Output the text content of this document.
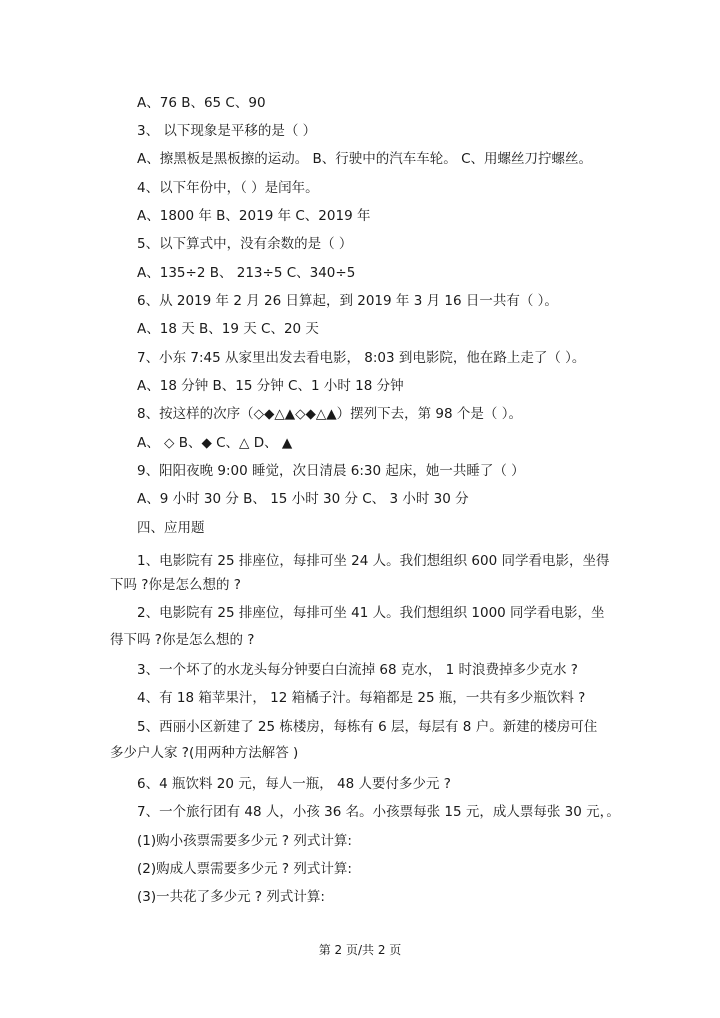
A、76 B、65 C、90

3、 以下现象是平移的是（ ）

A、擦黑板是黑板擦的运动。 B、行驶中的汽车车轮。 C、用螺丝刀拧螺丝。

4、以下年份中，（ ）是闰年。

A、1800 年 B、2019 年 C、2019 年

5、以下算式中，没有余数的是（ ）

A、135÷2 B、 213÷5 C、340÷5

6、从 2019 年 2 月 26 日算起，到 2019 年 3 月 16 日一共有（ ）。

A、18 天 B、19 天 C、20 天

7、小东 7:45 从家里出发去看电影， 8:03 到电影院，他在路上走了（ ）。

A、18 分钟 B、15 分钟 C、1 小时 18 分钟

8、按这样的次序（◇◆△▲◇◆△▲）摆列下去，第 98 个是（ ）。

A、 ◇ B、◆ C、△ D、 ▲

9、阳阳夜晚 9:00 睡觉，次日清晨 6:30 起床，她一共睡了（ ）

A、9 小时 30 分 B、 15 小时 30 分 C、 3 小时 30 分

四、应用题

1、电影院有 25 排座位，每排可坐 24 人。我们想组织 600 同学看电影，坐得

下吗 ?你是怎么想的 ?

2、电影院有 25 排座位，每排可坐 41 人。我们想组织 1000 同学看电影，坐

得下吗 ?你是怎么想的 ?

3、一个坏了的水龙头每分钟要白白流掉 68 克水， 1 时浪费掉多少克水 ?

4、有 18 箱苹果汁， 12 箱橘子汁。每箱都是 25 瓶，一共有多少瓶饮料 ?

5、西丽小区新建了 25 栋楼房，每栋有 6 层，每层有 8 户。新建的楼房可住

多少户人家 ?(用两种方法解答 )

6、4 瓶饮料 20 元，每人一瓶， 48 人要付多少元 ?

7、一个旅行团有 48 人，小孩 36 名。小孩票每张 15 元，成人票每张 30 元，。

(1)购小孩票需要多少元 ? 列式计算:

(2)购成人票需要多少元 ? 列式计算:

(3)一共花了多少元 ? 列式计算:

第 2 页/共 2 页
